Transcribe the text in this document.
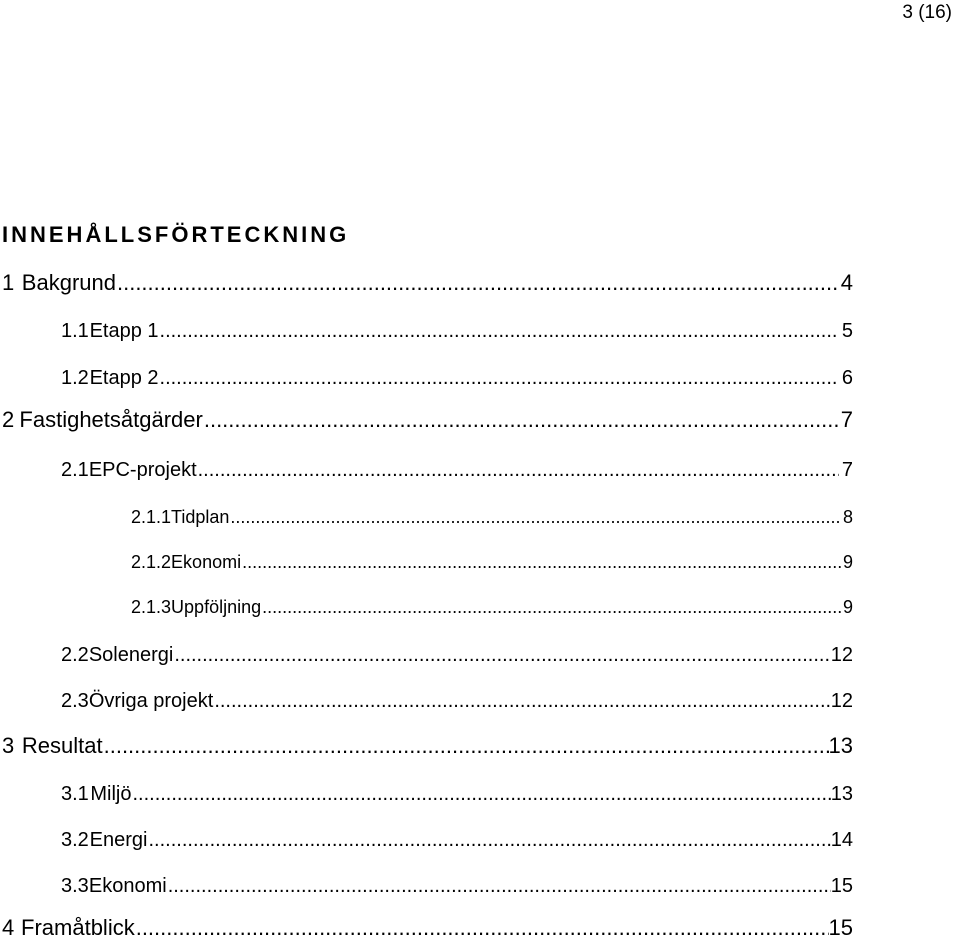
3 (16)
INNEHÅLLSFÖRTECKNING
1 Bakgrund .....	4
1.1 Etapp 1 .....	5
1.2 Etapp 2 .....	6
2 Fastighetsåtgärder .....	7
2.1 EPC-projekt .....	7
2.1.1 Tidplan .....	8
2.1.2 Ekonomi .....	9
2.1.3 Uppföljning .....	9
2.2 Solenergi .....	12
2.3 Övriga projekt .....	12
3 Resultat .....	13
3.1 Miljö .....	13
3.2 Energi .....	14
3.3 Ekonomi .....	15
4 Framåtblick .....	15
